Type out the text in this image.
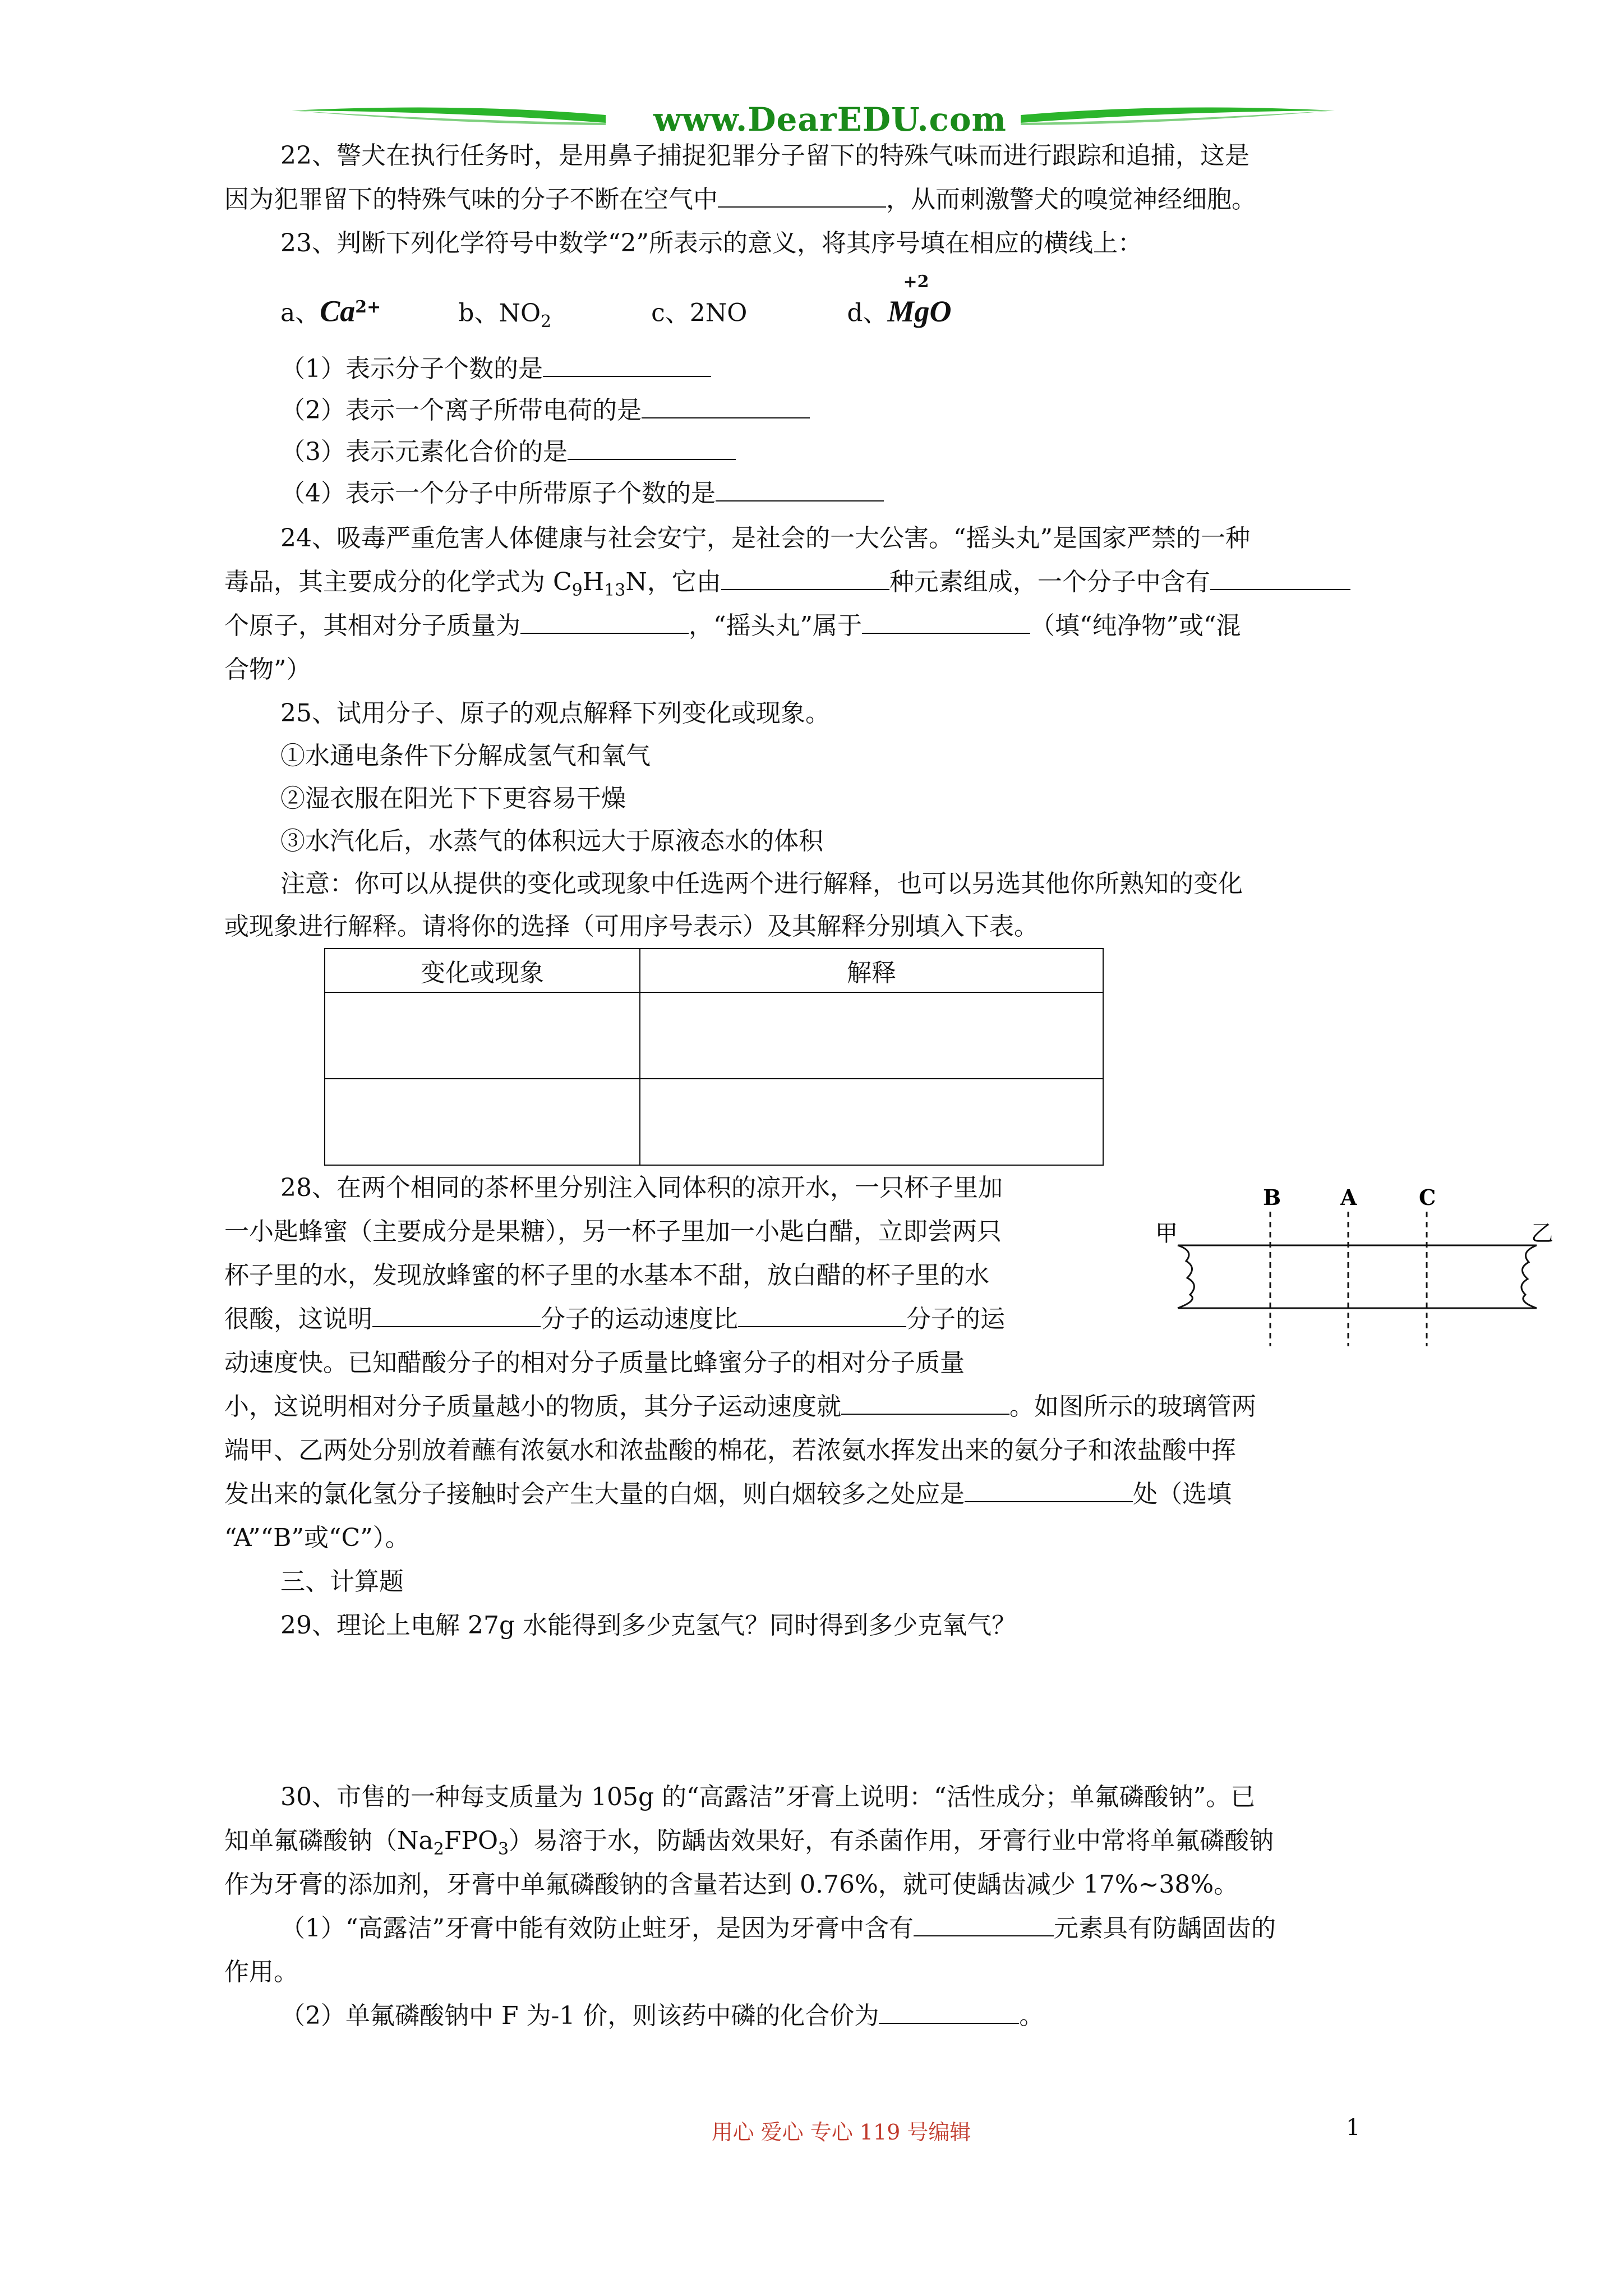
www.DearEDU.com
22、警犬在执行任务时，是用鼻子捕捉犯罪分子留下的特殊气味而进行跟踪和追捕，这是
因为犯罪留下的特殊气味的分子不断在空气中	，从而刺激警犬的嗅觉神经细胞。
23、判断下列化学符号中数学“2”所表示的意义，将其序号填在相应的横线上：
a、$Ca^{2+}$	b、$NO_2$	c、2NO	d、
+2
MgO
（1）表示分子个数的是
（2）表示一个离子所带电荷的是
（3）表示元素化合价的是
（4）表示一个分子中所带原子个数的是
24、吸毒严重危害人体健康与社会安宁，是社会的一大公害。“摇头丸”是国家严禁的一种
毒品，其主要成分的化学式为 $C_9H_{13}N$，它由	种元素组成，一个分子中含有
个原子，其相对分子质量为	，“摇头丸”属于	（填“纯净物”或“混
合物”）
25、试用分子、原子的观点解释下列变化或现象。
①水通电条件下分解成氢气和氧气
②湿衣服在阳光下下更容易干燥
③水汽化后，水蒸气的体积远大于原液态水的体积
注意：你可以从提供的变化或现象中任选两个进行解释，也可以另选其他你所熟知的变化
或现象进行解释。请将你的选择（可用序号表示）及其解释分别填入下表。
变化或现象	解释

28、在两个相同的茶杯里分别注入同体积的凉开水，一只杯子里加
一小匙蜂蜜（主要成分是果糖），另一杯子里加一小匙白醋，立即尝两只
杯子里的水，发现放蜂蜜的杯子里的水基本不甜，放白醋的杯子里的水
很酸，这说明	分子的运动速度比	分子的运
动速度快。已知醋酸分子的相对分子质量比蜂蜜分子的相对分子质量
小，这说明相对分子质量越小的物质，其分子运动速度就	。如图所示的玻璃管两
端甲、乙两处分别放着蘸有浓氨水和浓盐酸的棉花，若浓氨水挥发出来的氨分子和浓盐酸中挥
发出来的氯化氢分子接触时会产生大量的白烟，则白烟较多之处应是	处（选填
“A”“B”或“C”）。
甲	乙
B	A	C
三、计算题
29、理论上电解 27g 水能得到多少克氢气？同时得到多少克氧气？
30、市售的一种每支质量为 105g 的“高露洁”牙膏上说明：“活性成分；单氟磷酸钠”。已
知单氟磷酸钠$(Na_2FPO_3)$易溶于水，防龋齿效果好，有杀菌作用，牙膏行业中常将单氟磷酸钠
作为牙膏的添加剂，牙膏中单氟磷酸钠的含量若达到 0.76%，就可使龋齿减少 17%~38%。
（1）“高露洁”牙膏中能有效防止蛀牙，是因为牙膏中含有	元素具有防龋固齿的
作用。
（2）单氟磷酸钠中 F 为-1 价，则该药中磷的化合价为	。
用心 爱心 专心 119 号编辑	1
